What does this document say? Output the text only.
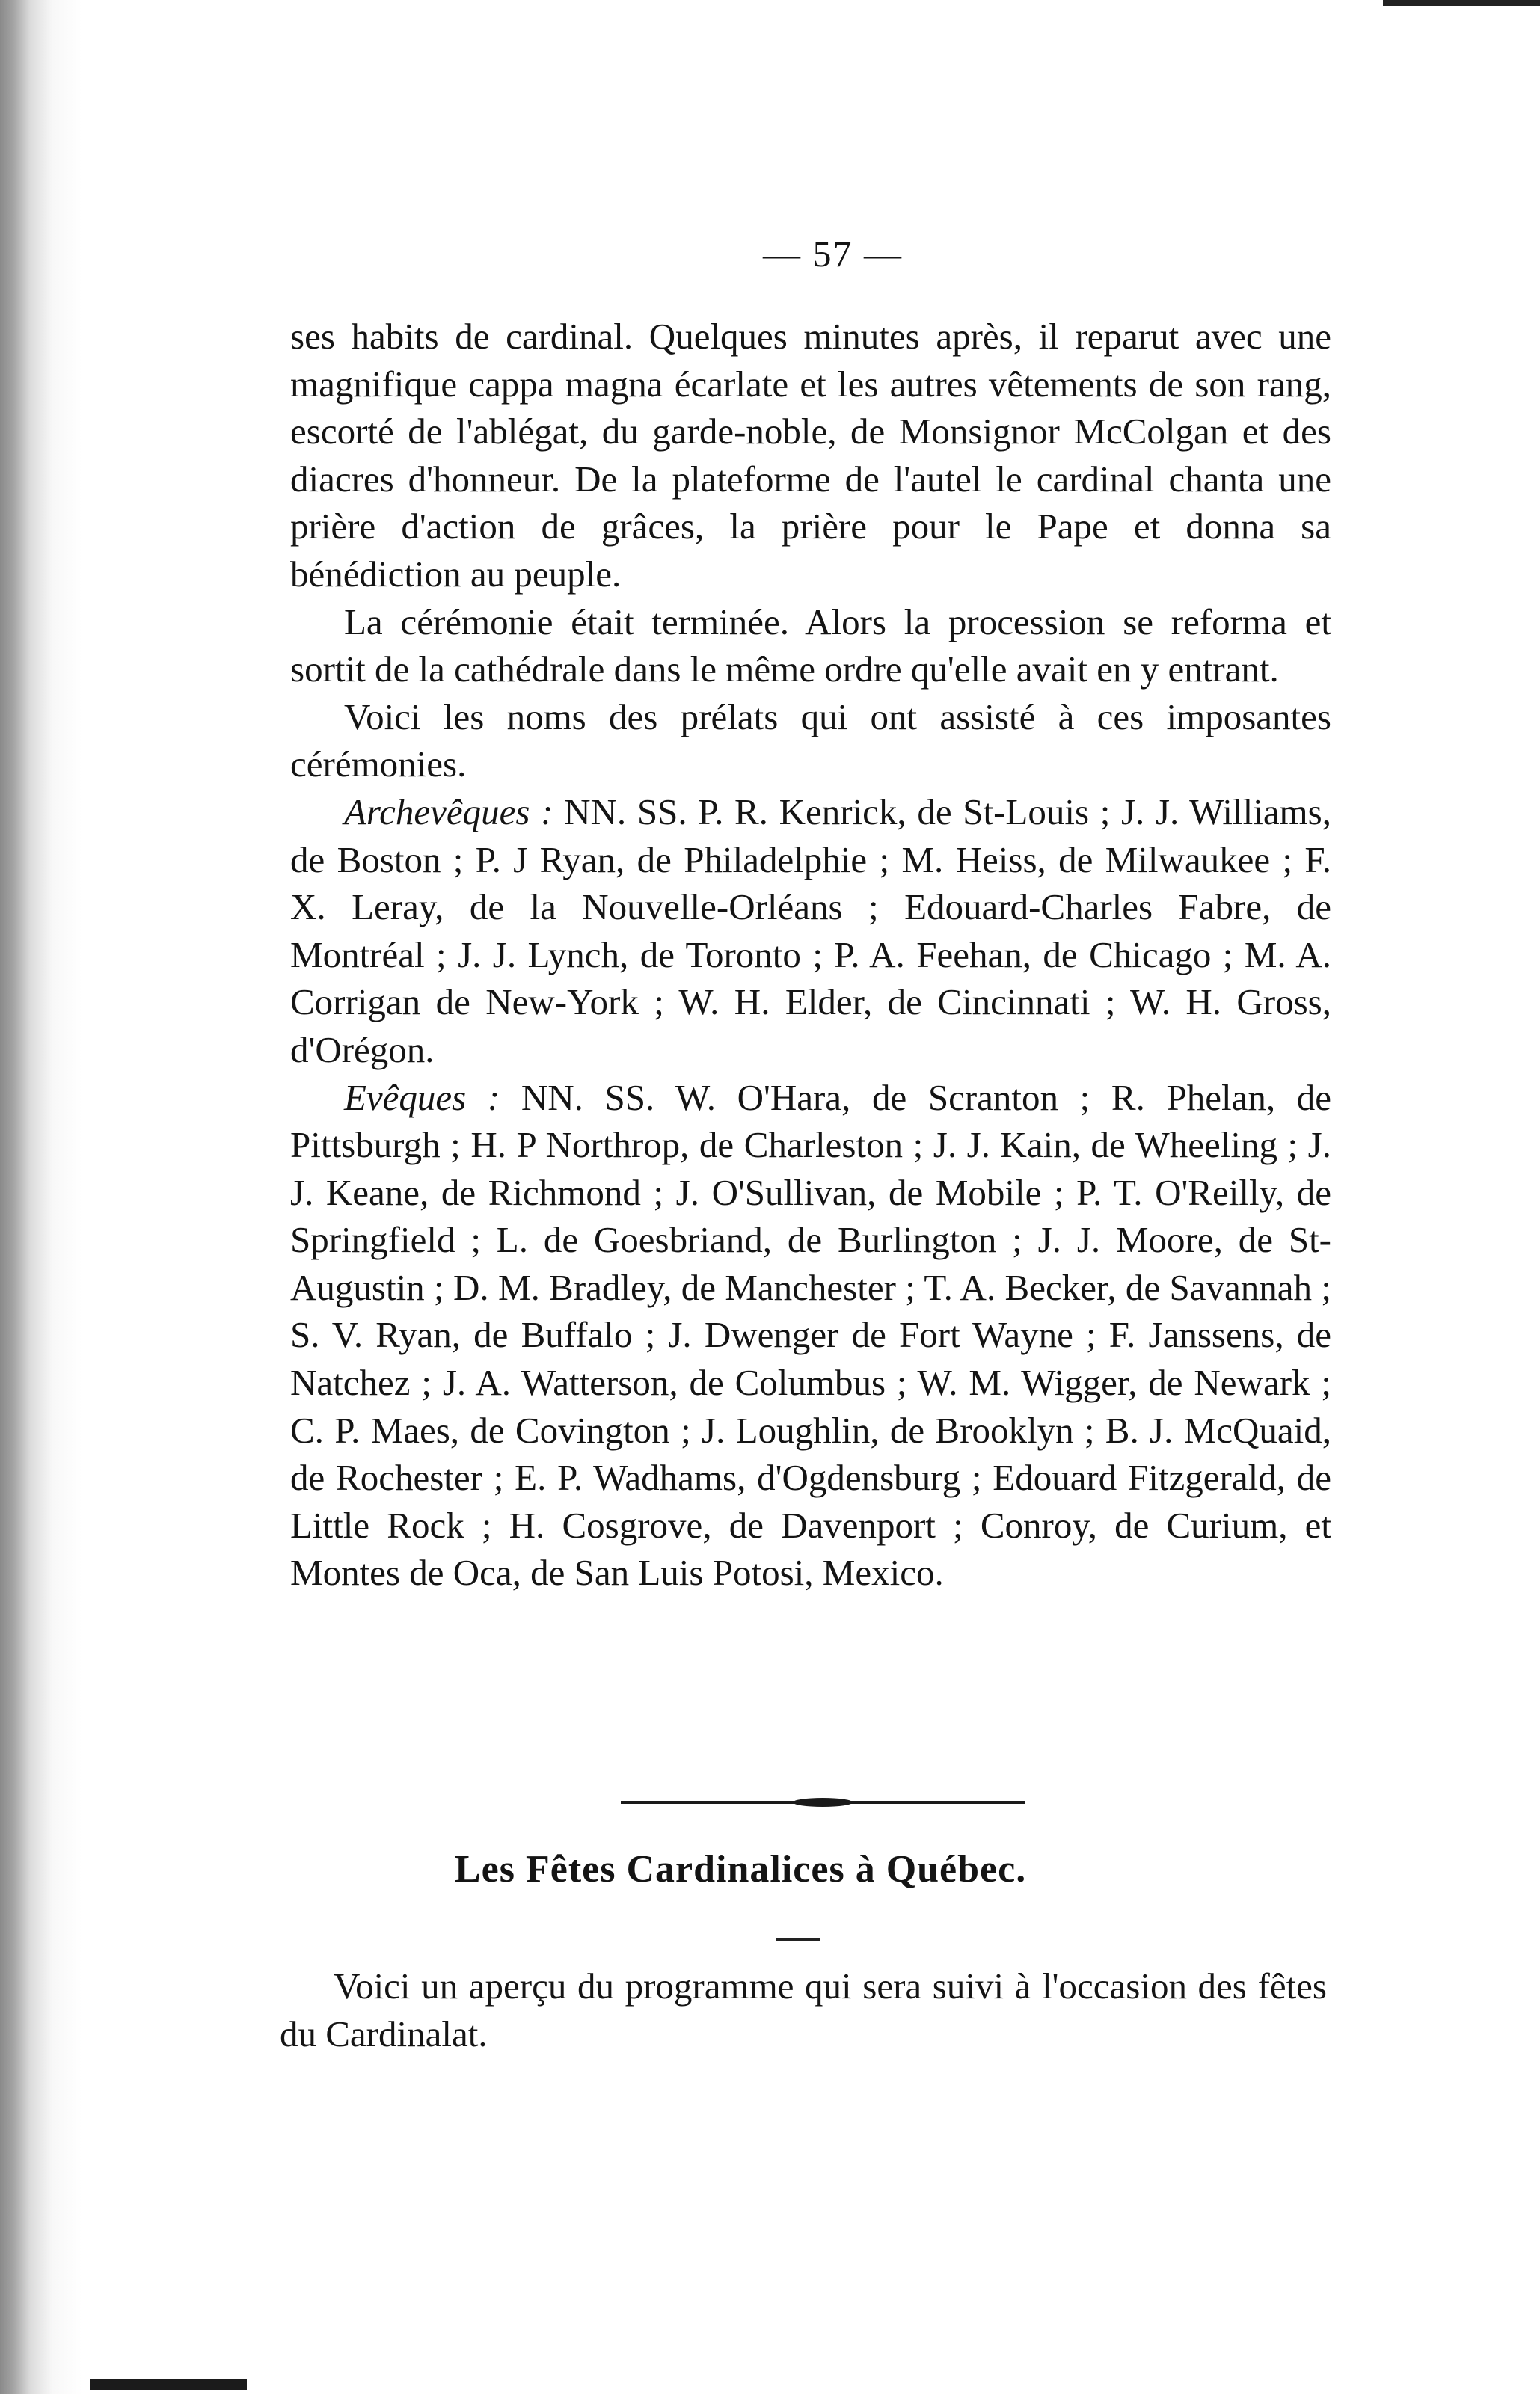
— 57 —

ses habits de cardinal. Quelques minutes après, il reparut avec une magnifique cappa magna écarlate et les autres vêtements de son rang, escorté de l'ablégat, du garde-noble, de Monsignor McColgan et des diacres d'honneur. De la plateforme de l'autel le cardinal chanta une prière d'action de grâces, la prière pour le Pape et donna sa bénédiction au peuple.

La cérémonie était terminée. Alors la procession se reforma et sortit de la cathédrale dans le même ordre qu'elle avait en y entrant.

Voici les noms des prélats qui ont assisté à ces imposantes cérémonies.

Archevêques : NN. SS. P. R. Kenrick, de St-Louis ; J. J. Williams, de Boston ; P. J Ryan, de Philadelphie ; M. Heiss, de Milwaukee ; F. X. Leray, de la Nouvelle-Orléans ; Edouard-Charles Fabre, de Montréal ; J. J. Lynch, de Toronto ; P. A. Feehan, de Chicago ; M. A. Corrigan de New-York ; W. H. Elder, de Cincinnati ; W. H. Gross, d'Orégon.

Evêques : NN. SS. W. O'Hara, de Scranton ; R. Phelan, de Pittsburgh ; H. P Northrop, de Charleston ; J. J. Kain, de Wheeling ; J. J. Keane, de Richmond ; J. O'Sullivan, de Mobile ; P. T. O'Reilly, de Springfield ; L. de Goesbriand, de Burlington ; J. J. Moore, de St-Augustin ; D. M. Bradley, de Manchester ; T. A. Becker, de Savannah ; S. V. Ryan, de Buffalo ; J. Dwenger de Fort Wayne ; F. Janssens, de Natchez ; J. A. Watterson, de Columbus ; W. M. Wigger, de Newark ; C. P. Maes, de Covington ; J. Loughlin, de Brooklyn ; B. J. McQuaid, de Rochester ; E. P. Wadhams, d'Ogdensburg ; Edouard Fitzgerald, de Little Rock ; H. Cosgrove, de Davenport ; Conroy, de Curium, et Montes de Oca, de San Luis Potosi, Mexico.

Les Fêtes Cardinalices à Québec.
Voici un aperçu du programme qui sera suivi à l'occasion des fêtes du Cardinalat.
